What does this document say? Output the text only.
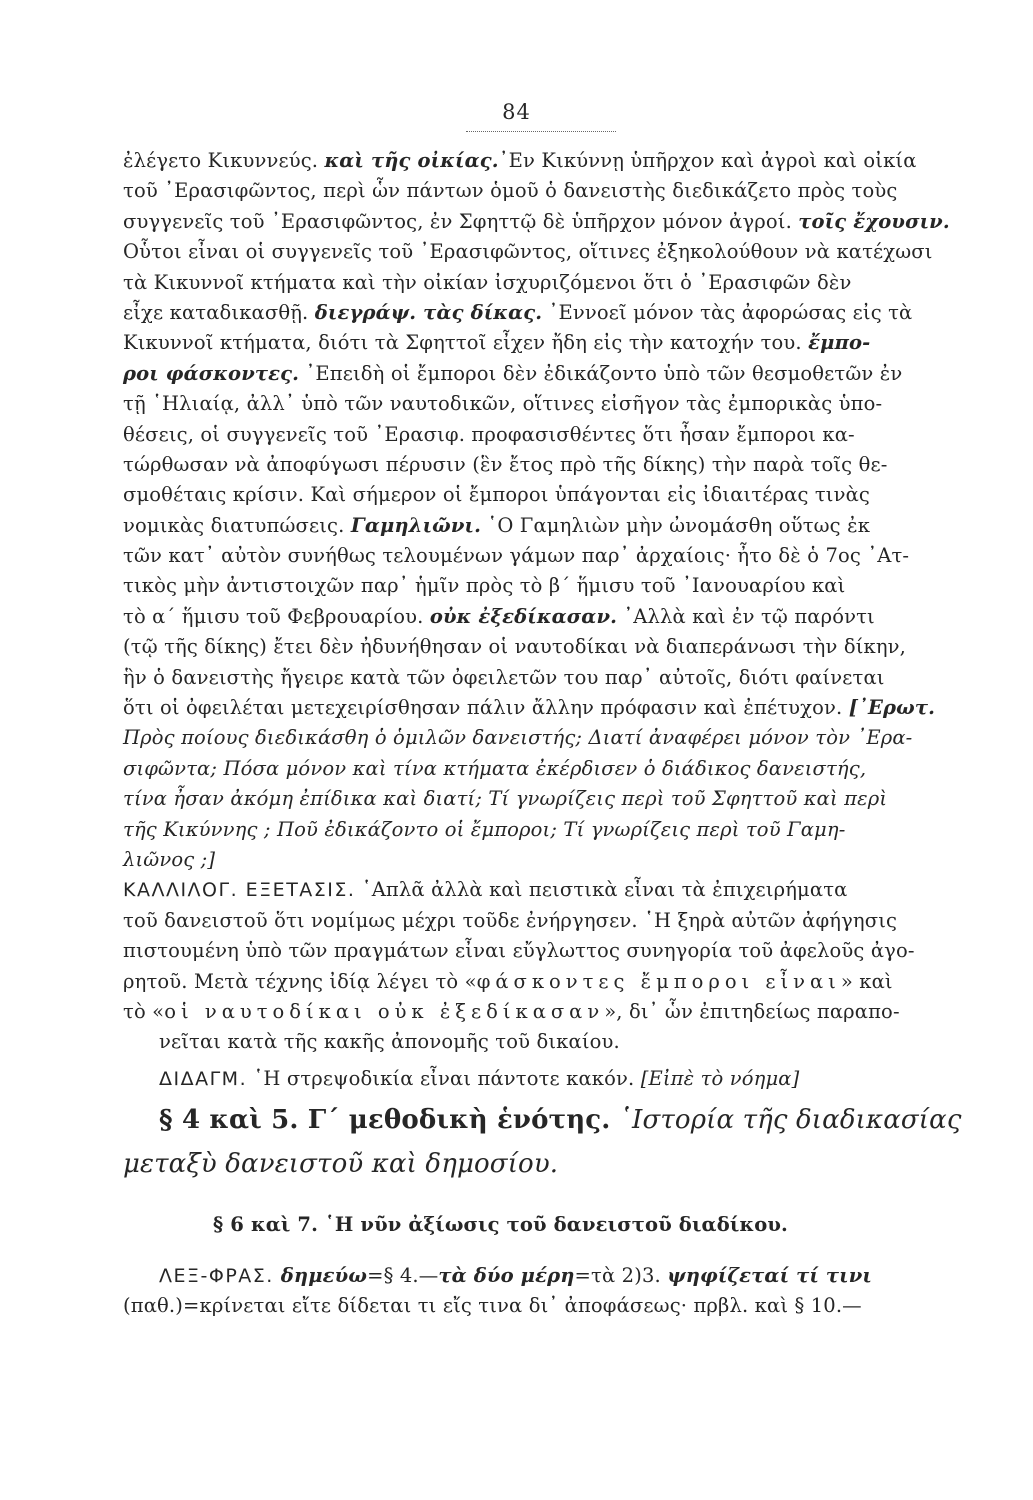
84
ἐλέγετο Κικυννεύς. καὶ τῆς οἰκίας.᾿Εν Κικύννῃ ὑπῆρχον καὶ ἀγροὶ καὶ οἰκία
τοῦ ᾿Ερασιφῶντος, περὶ ὧν πάντων ὁμοῦ ὁ δανειστὴς διεδικάζετο πρὸς τοὺς
συγγενεῖς τοῦ ᾿Ερασιφῶντος, ἐν Σφηττῷ δὲ ὑπῆρχον μόνον ἀγροί. τοῖς ἔχουσιν.
Οὗτοι εἶναι οἱ συγγενεῖς τοῦ ᾿Ερασιφῶντος, οἵτινες ἐξηκολούθουν νὰ κατέχωσι
τὰ Κικυννοῖ κτήματα καὶ τὴν οἰκίαν ἰσχυριζόμενοι ὅτι ὁ ᾿Ερασιφῶν δὲν
εἶχε καταδικασθῇ. διεγράψ. τὰς δίκας. ᾿Εννοεῖ μόνον τὰς ἀφορώσας εἰς τὰ
Κικυννοῖ κτήματα, διότι τὰ Σφηττοῖ εἶχεν ἤδη εἰς τὴν κατοχήν του. ἔμπο-
ροι φάσκοντες. ᾿Επειδὴ οἱ ἔμποροι δὲν ἐδικάζοντο ὑπὸ τῶν θεσμοθετῶν ἐν
τῇ ῾Ηλιαίᾳ, ἀλλ᾿ ὑπὸ τῶν ναυτοδικῶν, οἵτινες εἰσῆγον τὰς ἐμπορικὰς ὑπο-
θέσεις, οἱ συγγενεῖς τοῦ ᾿Ερασιφ. προφασισθέντες ὅτι ἦσαν ἔμποροι κα-
τώρθωσαν νὰ ἀποφύγωσι πέρυσιν (ἓν ἔτος πρὸ τῆς δίκης) τὴν παρὰ τοῖς θε-
σμοθέταις κρίσιν. Καὶ σήμερον οἱ ἔμποροι ὑπάγονται εἰς ἰδιαιτέρας τινὰς
νομικὰς διατυπώσεις. Γαμηλιῶνι. ῾Ο Γαμηλιὼν μὴν ὠνομάσθη οὕτως ἐκ
τῶν κατ᾿ αὐτὸν συνήθως τελουμένων γάμων παρ᾿ ἀρχαίοις· ἦτο δὲ ὁ 7ος ᾿Ατ-
τικὸς μὴν ἀντιστοιχῶν παρ᾿ ἡμῖν πρὸς τὸ β´ ἥμισυ τοῦ ᾿Ιανουαρίου καὶ
τὸ α´ ἥμισυ τοῦ Φεβρουαρίου. οὐκ ἐξεδίκασαν. ᾿Αλλὰ καὶ ἐν τῷ παρόντι
(τῷ τῆς δίκης) ἔτει δὲν ἠδυνήθησαν οἱ ναυτοδίκαι νὰ διαπεράνωσι τὴν δίκην,
ἣν ὁ δανειστὴς ἤγειρε κατὰ τῶν ὀφειλετῶν του παρ᾿ αὐτοῖς, διότι φαίνεται
ὅτι οἱ ὀφειλέται μετεχειρίσθησαν πάλιν ἄλλην πρόφασιν καὶ ἐπέτυχον. [᾿Ερωτ.
Πρὸς ποίους διεδικάσθη ὁ ὁμιλῶν δανειστής; Διατί ἀναφέρει μόνον τὸν ᾿Ερα-
σιφῶντα; Πόσα μόνον καὶ τίνα κτήματα ἐκέρδισεν ὁ διάδικος δανειστής,
τίνα ἦσαν ἀκόμη ἐπίδικα καὶ διατί; Τί γνωρίζεις περὶ τοῦ Σφηττοῦ καὶ περὶ
τῆς Κικύννης ; Ποῦ ἐδικάζοντο οἱ ἔμποροι; Τί γνωρίζεις περὶ τοῦ Γαμη-
λιῶνος ;]
ΚΑΛΛΙΛΟΓ. ΕΞΕΤΑΣΙΣ. ῾Απλᾶ ἀλλὰ καὶ πειστικὰ εἶναι τὰ ἐπιχειρήματα
τοῦ δανειστοῦ ὅτι νομίμως μέχρι τοῦδε ἐνήργησεν. ῾Η ξηρὰ αὐτῶν ἀφήγησις
πιστουμένη ὑπὸ τῶν πραγμάτων εἶναι εὔγλωττος συνηγορία τοῦ ἀφελοῦς ἀγο-
ρητοῦ. Μετὰ τέχνης ἰδίᾳ λέγει τὸ «φάσκοντες ἔμποροι εἶναι» καὶ
τὸ «οἱ ναυτοδίκαι οὐκ ἐξεδίκασαν», δι᾿ ὧν ἐπιτηδείως παραπο-
νεῖται κατὰ τῆς κακῆς ἀπονομῆς τοῦ δικαίου.
ΔΙΔΑΓΜ. ῾Η στρεψοδικία εἶναι πάντοτε κακόν. [Εἰπὲ τὸ νόημα]
§ 4 καὶ 5. Γ´ μεθοδικὴ ἑνότης. ῾Ιστορία τῆς διαδικασίας
μεταξὺ δανειστοῦ καὶ δημοσίου.
§ 6 καὶ 7. ῾Η νῦν ἀξίωσις τοῦ δανειστοῦ διαδίκου.
ΛΕΞ-ΦΡΑΣ. δημεύω=§ 4.—τὰ δύο μέρη=τὰ 2)3. ψηφίζεταί τί τινι
(παθ.)=κρίνεται εἴτε δίδεται τι εἴς τινα δι᾿ ἀποφάσεως· πρβλ. καὶ § 10.—
